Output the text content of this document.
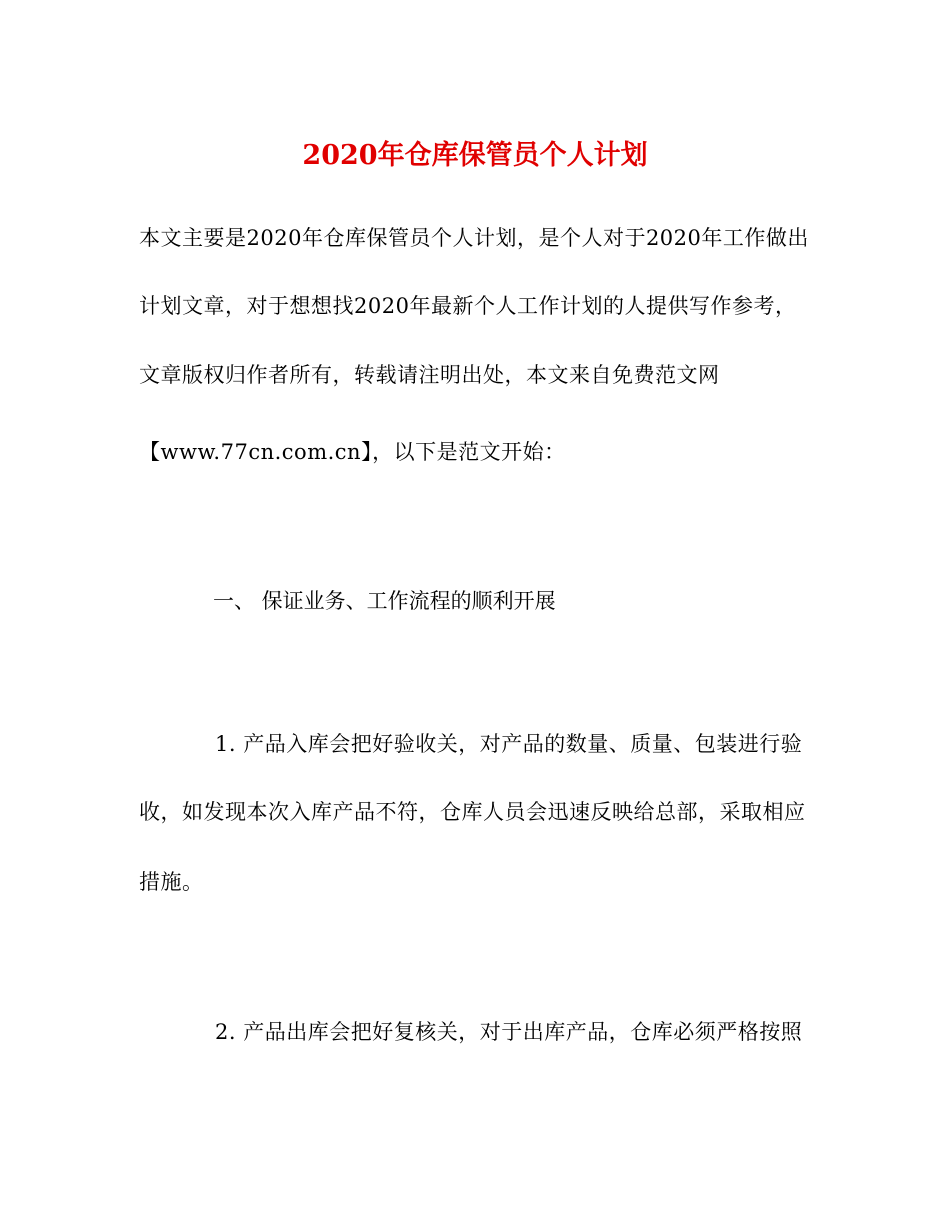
2020年仓库保管员个人计划
本文主要是2020年仓库保管员个人计划，是个人对于2020年工作做出
计划文章，对于想想找2020年最新个人工作计划的人提供写作参考，
文章版权归作者所有，转载请注明出处，本文来自免费范文网
【www.77cn.com.cn】，以下是范文开始：
一、 保证业务、工作流程的顺利开展
1. 产品入库会把好验收关，对产品的数量、质量、包装进行验
收，如发现本次入库产品不符，仓库人员会迅速反映给总部，采取相应
措施。
2. 产品出库会把好复核关，对于出库产品，仓库必须严格按照
